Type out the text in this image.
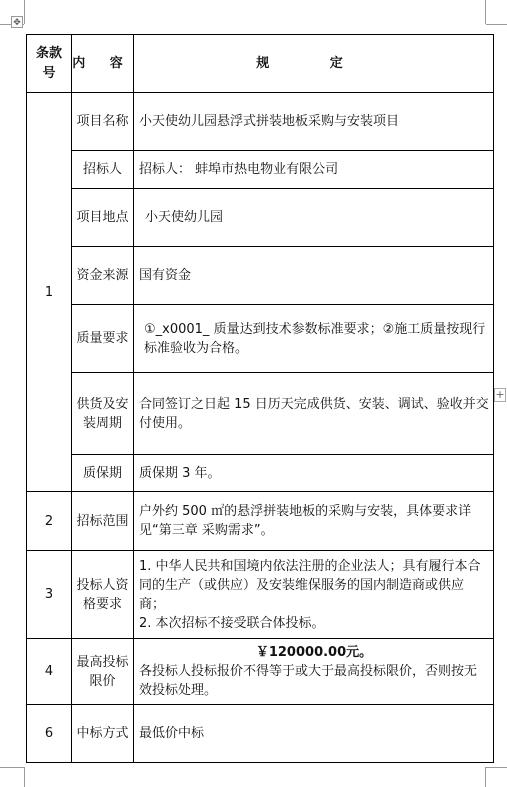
✥
+
条款号	内 容	规 定
1	项目名称	小天使幼儿园悬浮式拼装地板采购与安装项目
	招标人	招标人： 蚌埠市热电物业有限公司
	项目地点	小天使幼儿园
	资金来源	国有资金
	质量要求	①_x0001_ 质量达到技术参数标准要求；②施工质量按现行标准验收为合格。
	供货及安装周期	合同签订之日起 15 日历天完成供货、安装、调试、验收并交付使用。
	质保期	质保期 3 年。
2	招标范围	户外约 500 ㎡的悬浮拼装地板的采购与安装，具体要求详见“第三章 采购需求”。
3	投标人资格要求	1. 中华人民共和国境内依法注册的企业法人；具有履行本合同的生产（或供应）及安装维保服务的国内制造商或供应商；
2. 本次招标不接受联合体投标。

4	最高投标限价	￥120000.00元。
各投标人投标报价不得等于或大于最高投标限价，否则按无效投标处理。
6	中标方式	最低价中标
